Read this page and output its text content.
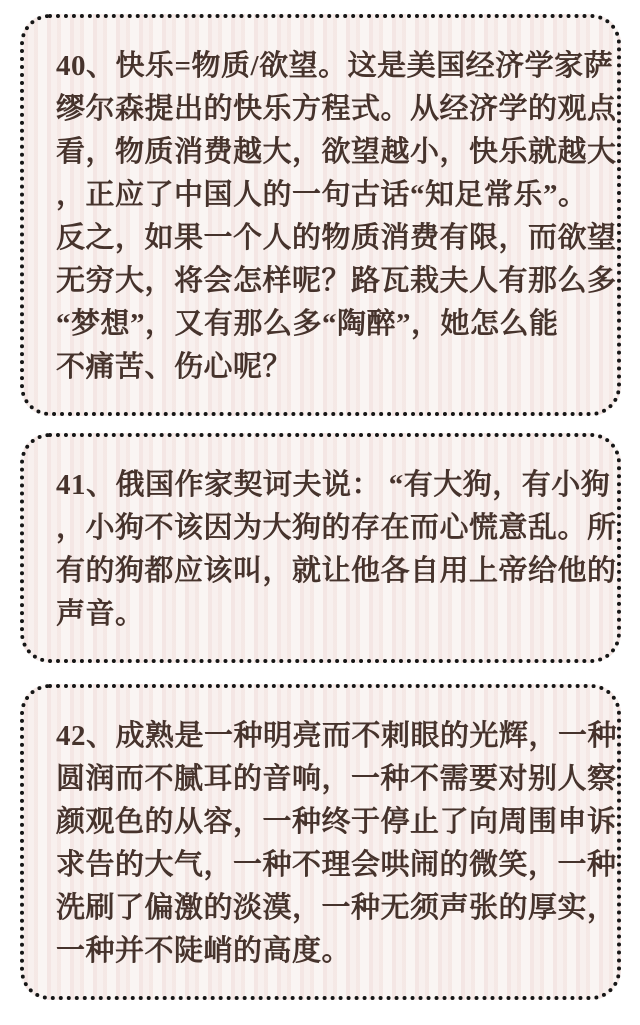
40、快乐=物质/欲望。这是美国经济学家萨
缪尔森提出的快乐方程式。从经济学的观点
看，物质消费越大，欲望越小，快乐就越大
，正应了中国人的一句古话“知足常乐”。
反之，如果一个人的物质消费有限，而欲望
无穷大，将会怎样呢？路瓦栽夫人有那么多
“梦想”，又有那么多“陶醉”，她怎么能
不痛苦、伤心呢？
41、俄国作家契诃夫说： “有大狗，有小狗
，小狗不该因为大狗的存在而心慌意乱。所
有的狗都应该叫，就让他各自用上帝给他的
声音。
42、成熟是一种明亮而不刺眼的光辉，一种
圆润而不腻耳的音响，一种不需要对别人察
颜观色的从容，一种终于停止了向周围申诉
求告的大气，一种不理会哄闹的微笑，一种
洗刷了偏激的淡漠，一种无须声张的厚实，
一种并不陡峭的高度。
